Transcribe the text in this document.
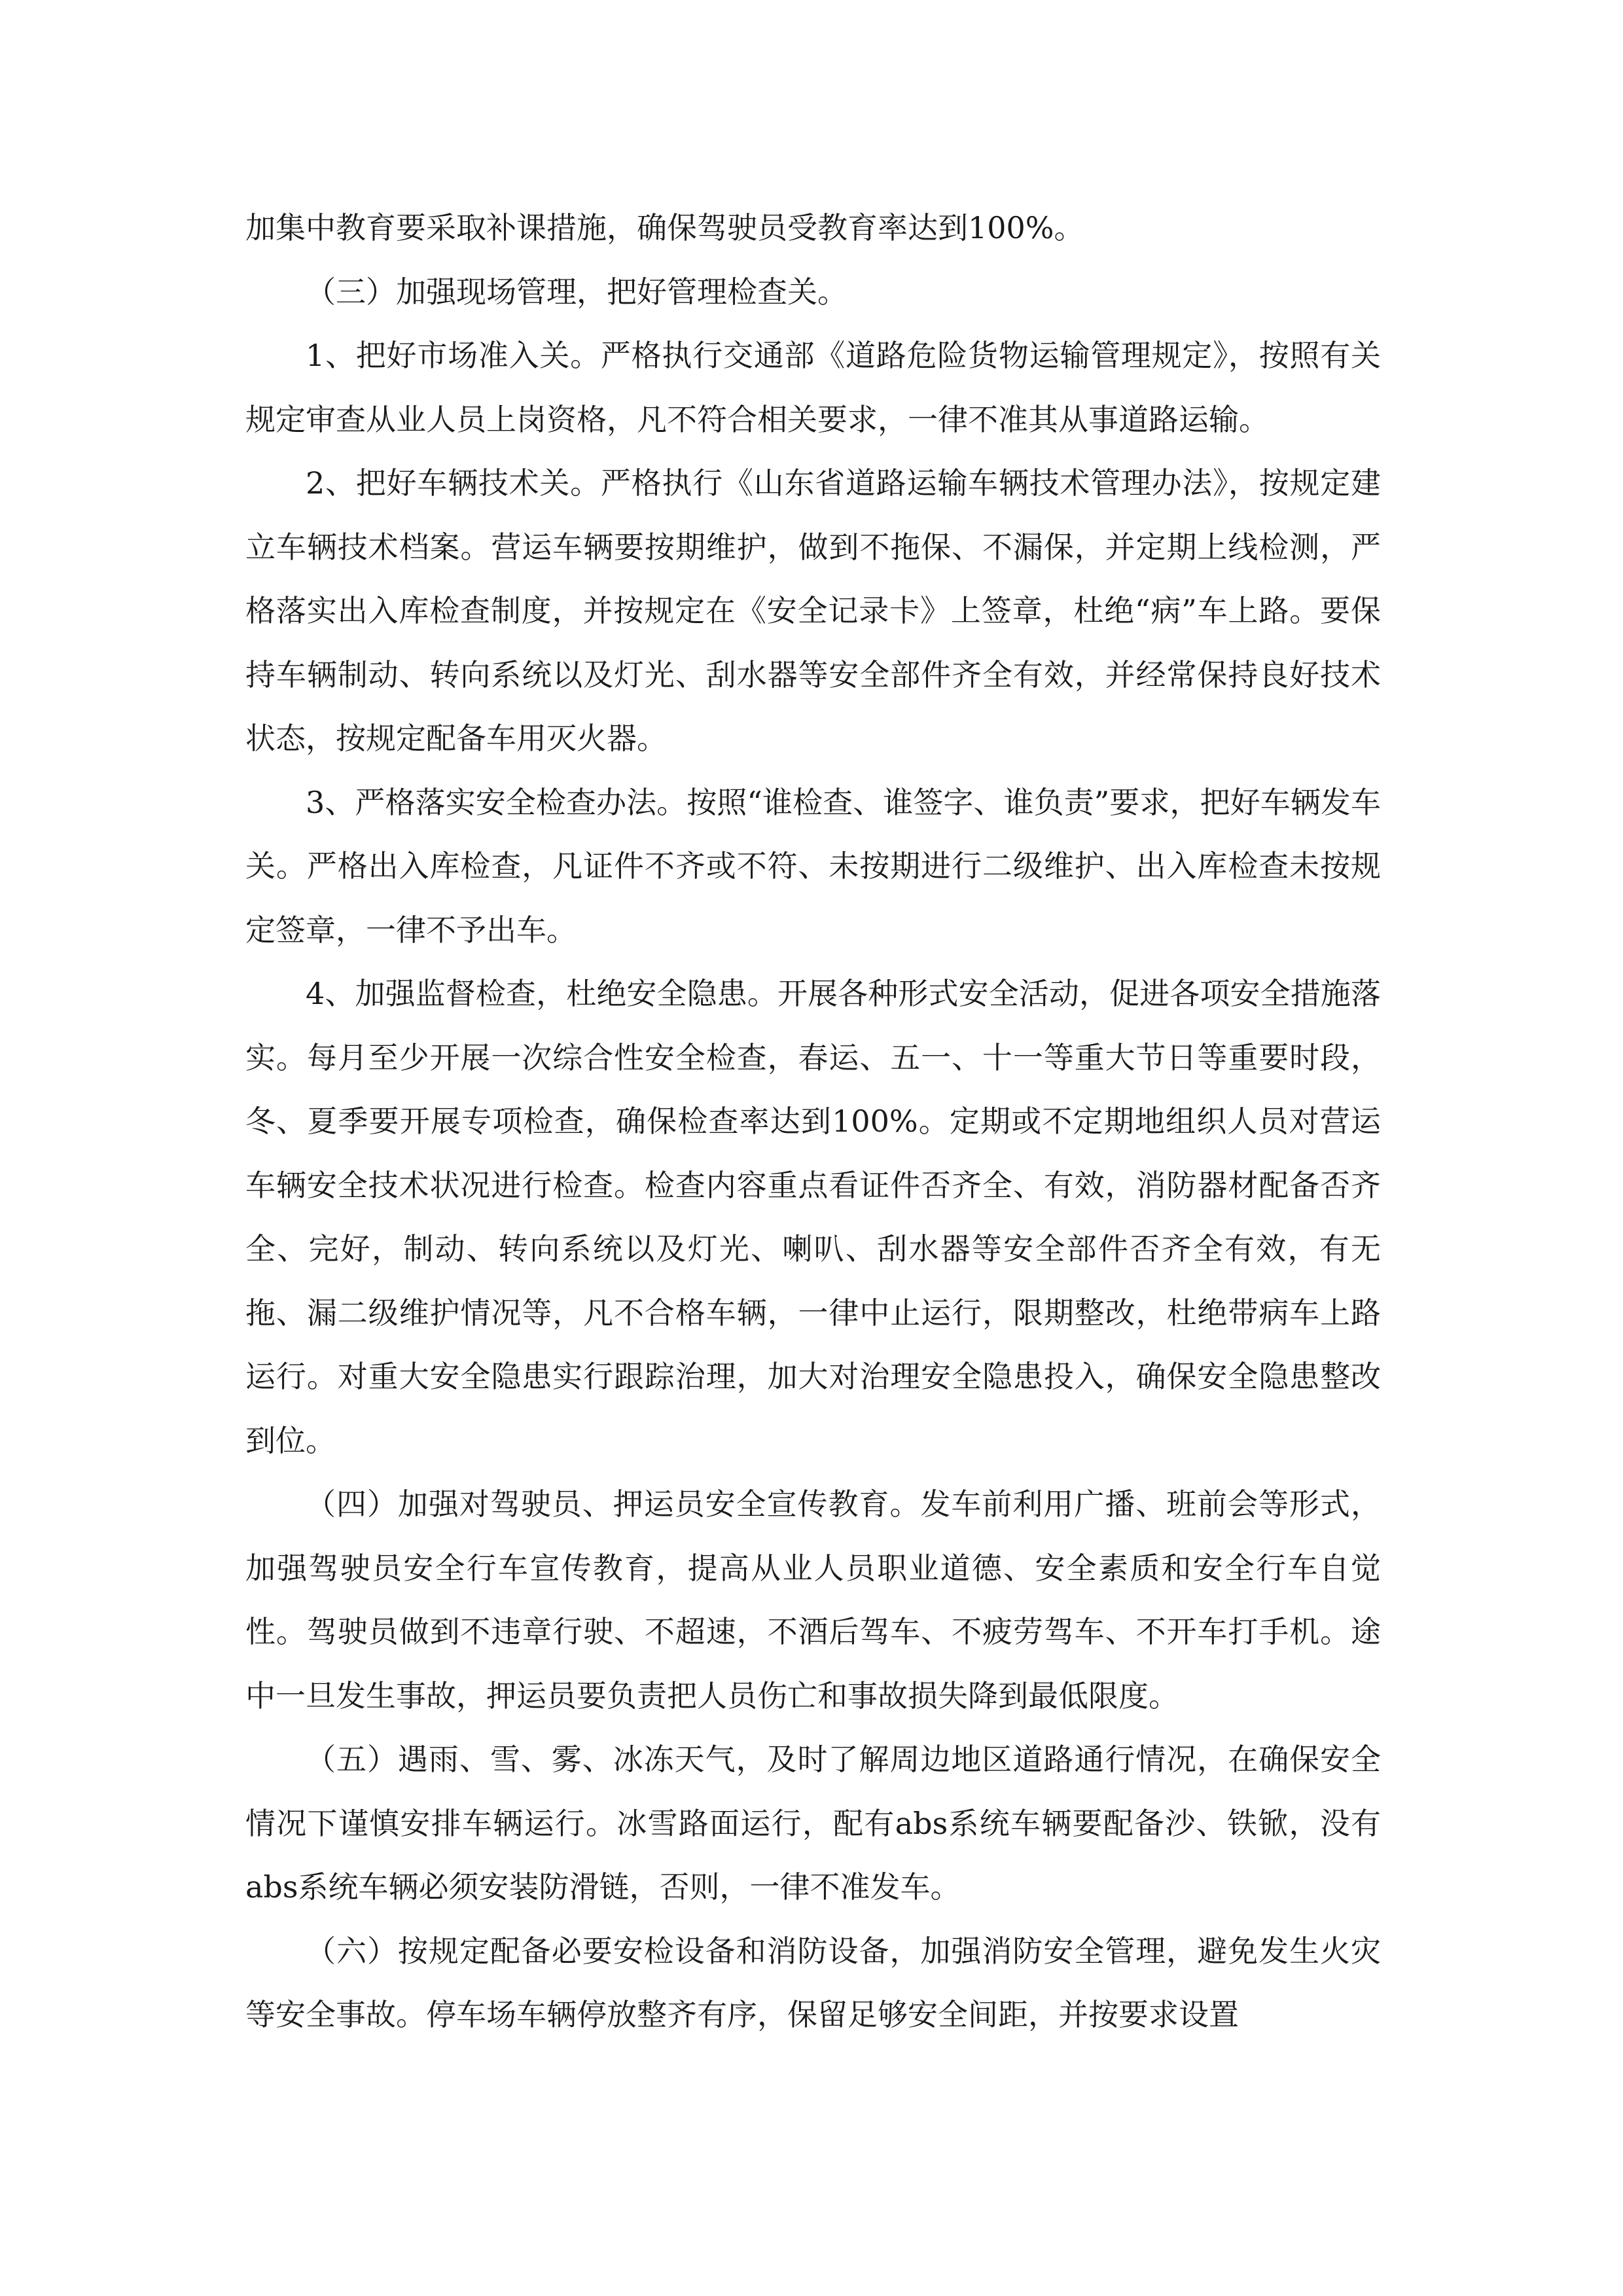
加集中教育要采取补课措施，确保驾驶员受教育率达到100%。

（三）加强现场管理，把好管理检查关。

1、把好市场准入关。严格执行交通部《道路危险货物运输管理规定》，按照有关规定审查从业人员上岗资格，凡不符合相关要求，一律不准其从事道路运输。

2、把好车辆技术关。严格执行《山东省道路运输车辆技术管理办法》，按规定建立车辆技术档案。营运车辆要按期维护，做到不拖保、不漏保，并定期上线检测，严格落实出入库检查制度，并按规定在《安全记录卡》上签章，杜绝“病”车上路。要保持车辆制动、转向系统以及灯光、刮水器等安全部件齐全有效，并经常保持良好技术状态，按规定配备车用灭火器。

3、严格落实安全检查办法。按照“谁检查、谁签字、谁负责”要求，把好车辆发车关。严格出入库检查，凡证件不齐或不符、未按期进行二级维护、出入库检查未按规定签章，一律不予出车。

4、加强监督检查，杜绝安全隐患。开展各种形式安全活动，促进各项安全措施落实。每月至少开展一次综合性安全检查，春运、五一、十一等重大节日等重要时段，冬、夏季要开展专项检查，确保检查率达到100%。定期或不定期地组织人员对营运车辆安全技术状况进行检查。检查内容重点看证件否齐全、有效，消防器材配备否齐全、完好，制动、转向系统以及灯光、喇叭、刮水器等安全部件否齐全有效，有无拖、漏二级维护情况等，凡不合格车辆，一律中止运行，限期整改，杜绝带病车上路运行。对重大安全隐患实行跟踪治理，加大对治理安全隐患投入，确保安全隐患整改到位。

（四）加强对驾驶员、押运员安全宣传教育。发车前利用广播、班前会等形式，加强驾驶员安全行车宣传教育，提高从业人员职业道德、安全素质和安全行车自觉性。驾驶员做到不违章行驶、不超速，不酒后驾车、不疲劳驾车、不开车打手机。途中一旦发生事故，押运员要负责把人员伤亡和事故损失降到最低限度。

（五）遇雨、雪、雾、冰冻天气，及时了解周边地区道路通行情况，在确保安全情况下谨慎安排车辆运行。冰雪路面运行，配有abs系统车辆要配备沙、铁锨，没有abs系统车辆必须安装防滑链，否则，一律不准发车。

（六）按规定配备必要安检设备和消防设备，加强消防安全管理，避免发生火灾等安全事故。停车场车辆停放整齐有序，保留足够安全间距，并按要求设置
